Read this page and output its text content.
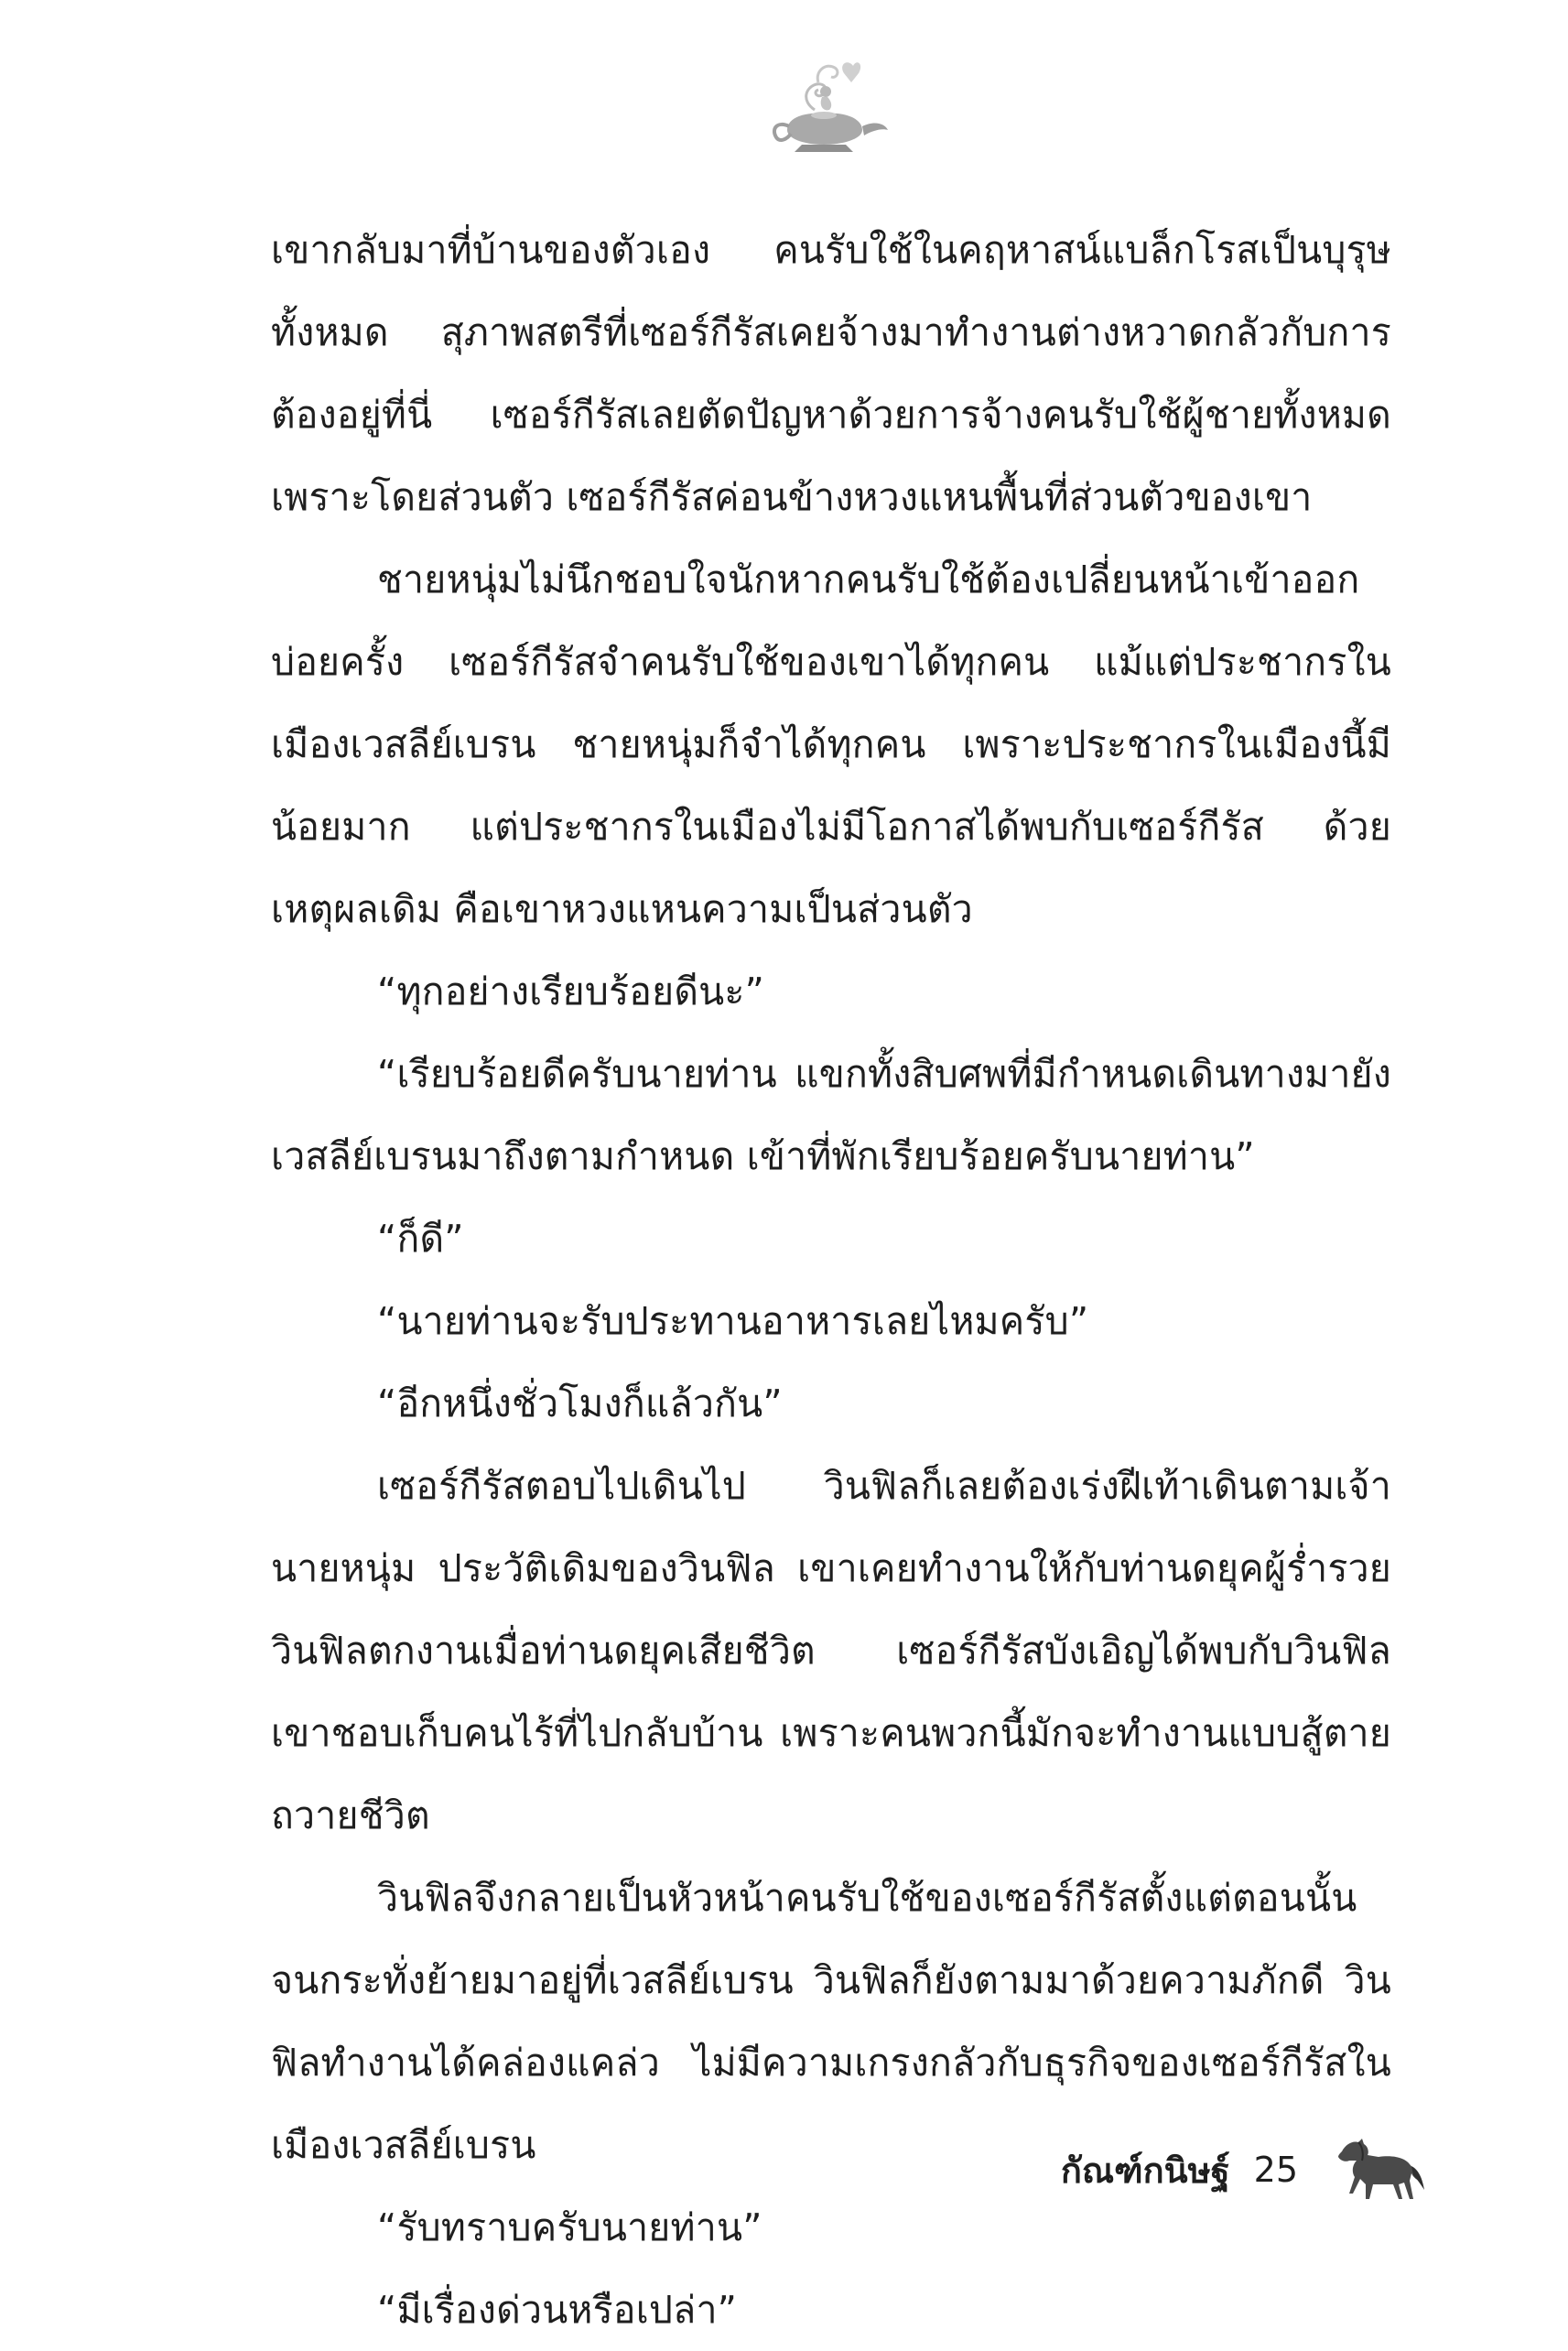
เขากลับมาที่บ้านของตัวเอง คนรับใช้ในคฤหาสน์แบล็กโรสเป็นบุรุษทั้งหมด สุภาพสตรีที่เซอร์กีรัสเคยจ้างมาทำงานต่างหวาดกลัวกับการต้องอยู่ที่นี่ เซอร์กีรัสเลยตัดปัญหาด้วยการจ้างคนรับใช้ผู้ชายทั้งหมด เพราะโดยส่วนตัว เซอร์กีรัสค่อนข้างหวงแหนพื้นที่ส่วนตัวของเขา

ชายหนุ่มไม่นึกชอบใจนักหากคนรับใช้ต้องเปลี่ยนหน้าเข้าออกบ่อยครั้ง เซอร์กีรัสจำคนรับใช้ของเขาได้ทุกคน แม้แต่ประชากรในเมืองเวสลีย์เบรน ชายหนุ่มก็จำได้ทุกคน เพราะประชากรในเมืองนี้มีน้อยมาก แต่ประชากรในเมืองไม่มีโอกาสได้พบกับเซอร์กีรัส ด้วยเหตุผลเดิม คือเขาหวงแหนความเป็นส่วนตัว

“ทุกอย่างเรียบร้อยดีนะ”

“เรียบร้อยดีครับนายท่าน แขกทั้งสิบศพที่มีกำหนดเดินทางมายังเวสลีย์เบรนมาถึงตามกำหนด เข้าที่พักเรียบร้อยครับนายท่าน”

“ก็ดี”

“นายท่านจะรับประทานอาหารเลยไหมครับ”

“อีกหนึ่งชั่วโมงก็แล้วกัน”

เซอร์กีรัสตอบไปเดินไป วินฟิลก็เลยต้องเร่งฝีเท้าเดินตามเจ้านายหนุ่ม ประวัติเดิมของวินฟิล เขาเคยทำงานให้กับท่านดยุคผู้ร่ำรวย วินฟิลตกงานเมื่อท่านดยุคเสียชีวิต เซอร์กีรัสบังเอิญได้พบกับวินฟิล เขาชอบเก็บคนไร้ที่ไปกลับบ้าน เพราะคนพวกนี้มักจะทำงานแบบสู้ตายถวายชีวิต

วินฟิลจึงกลายเป็นหัวหน้าคนรับใช้ของเซอร์กีรัสตั้งแต่ตอนนั้นจนกระทั่งย้ายมาอยู่ที่เวสลีย์เบรน วินฟิลก็ยังตามมาด้วยความภักดี วินฟิลทำงานได้คล่องแคล่ว ไม่มีความเกรงกลัวกับธุรกิจของเซอร์กีรัสในเมืองเวสลีย์เบรน

“รับทราบครับนายท่าน”

“มีเรื่องด่วนหรือเปล่า”

กัณฑ์กนิษฐ์ 25
